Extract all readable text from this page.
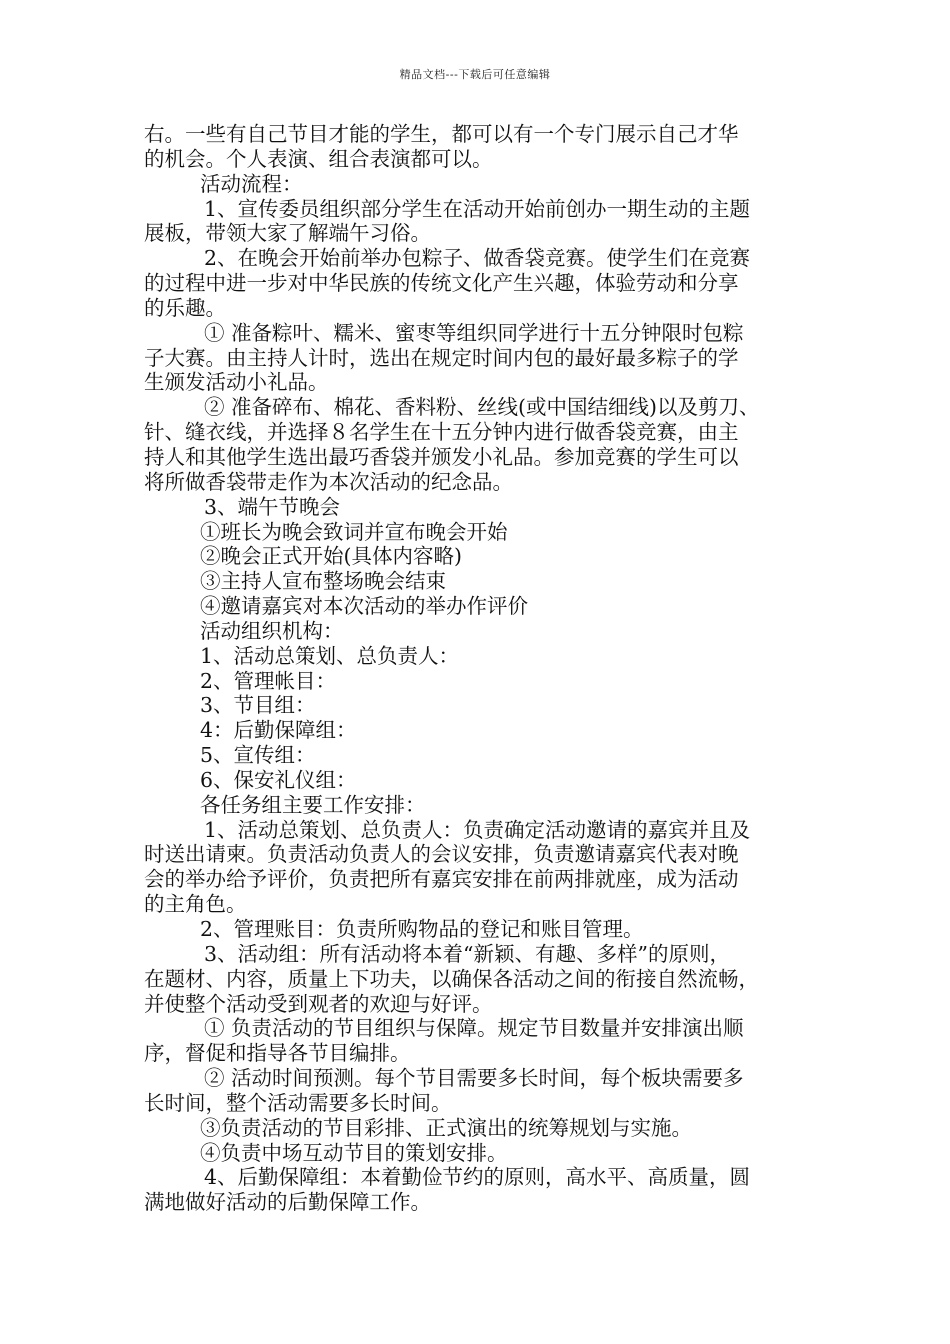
精品文档---下载后可任意编辑
右。一些有自己节目才能的学生，都可以有一个专门展示自己才华
的机会。个人表演、组合表演都可以。
活动流程：
1、宣传委员组织部分学生在活动开始前创办一期生动的主题
展板，带领大家了解端午习俗。
2、在晚会开始前举办包粽子、做香袋竞赛。使学生们在竞赛
的过程中进一步对中华民族的传统文化产生兴趣，体验劳动和分享
的乐趣。
① 准备粽叶、糯米、蜜枣等组织同学进行十五分钟限时包粽
子大赛。由主持人计时，选出在规定时间内包的最好最多粽子的学
生颁发活动小礼品。
② 准备碎布、棉花、香料粉、丝线(或中国结细线)以及剪刀、
针、缝衣线，并选择８名学生在十五分钟内进行做香袋竞赛，由主
持人和其他学生选出最巧香袋并颁发小礼品。参加竞赛的学生可以
将所做香袋带走作为本次活动的纪念品。
3、端午节晚会
①班长为晚会致词并宣布晚会开始
②晚会正式开始(具体内容略)
③主持人宣布整场晚会结束
④邀请嘉宾对本次活动的举办作评价
活动组织机构：
1、活动总策划、总负责人：
2、管理帐目：
3、节目组：
4：后勤保障组：
5、宣传组：
6、保安礼仪组：
各任务组主要工作安排：
1、活动总策划、总负责人：负责确定活动邀请的嘉宾并且及
时送出请柬。负责活动负责人的会议安排，负责邀请嘉宾代表对晚
会的举办给予评价，负责把所有嘉宾安排在前两排就座，成为活动
的主角色。
2、管理账目：负责所购物品的登记和账目管理。
3、活动组：所有活动将本着“新颖、有趣、多样”的原则，
在题材、内容，质量上下功夫，以确保各活动之间的衔接自然流畅，
并使整个活动受到观者的欢迎与好评。
① 负责活动的节目组织与保障。规定节目数量并安排演出顺
序，督促和指导各节目编排。
② 活动时间预测。每个节目需要多长时间，每个板块需要多
长时间，整个活动需要多长时间。
③负责活动的节目彩排、正式演出的统筹规划与实施。
④负责中场互动节目的策划安排。
4、后勤保障组：本着勤俭节约的原则，高水平、高质量，圆
满地做好活动的后勤保障工作。
